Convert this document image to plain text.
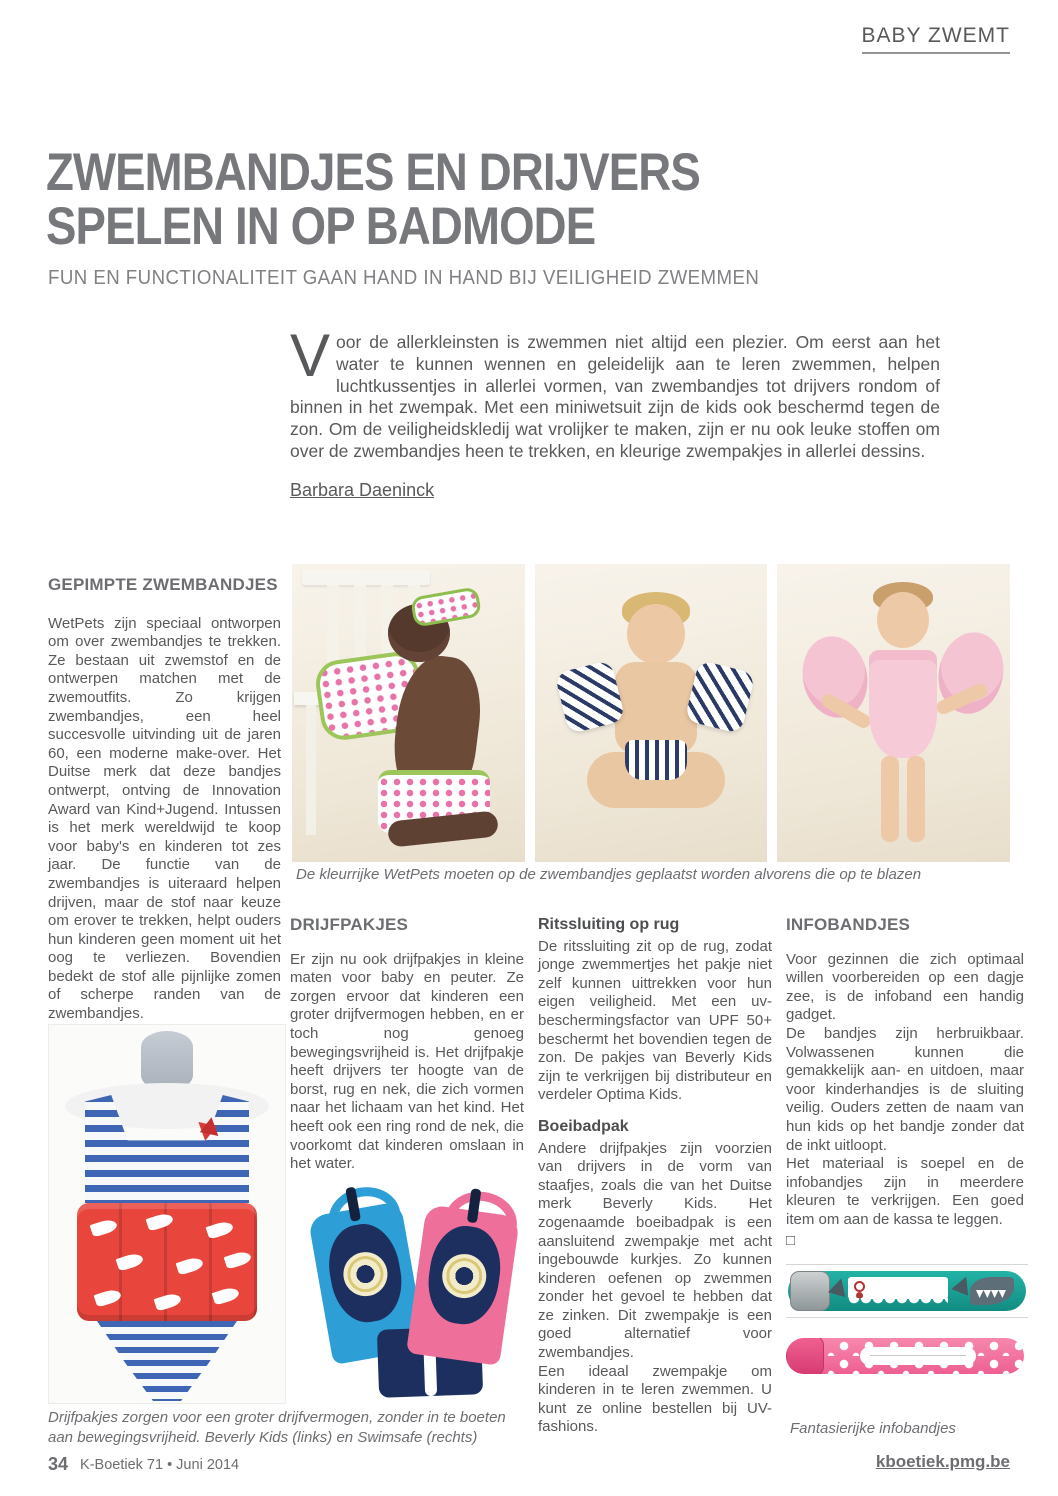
BABY ZWEMT
ZWEMBANDJES EN DRIJVERS
SPELEN IN OP BADMODE
FUN EN FUNCTIONALITEIT GAAN HAND IN HAND BIJ VEILIGHEID ZWEMMEN
Voor de allerkleinsten is zwemmen niet altijd een plezier. Om eerst aan het water te kunnen wennen en geleidelijk aan te leren zwemmen, helpen luchtkussentjes in allerlei vormen, van zwembandjes tot drijvers rondom of binnen in het zwempak. Met een miniwetsuit zijn de kids ook beschermd tegen de zon. Om de veiligheidskledij wat vrolijker te maken, zijn er nu ook leuke stoffen om over de zwembandjes heen te trekken, en kleurige zwempakjes in allerlei dessins.
Barbara Daeninck
GEPIMPTE ZWEMBANDJES

WetPets zijn speciaal ontworpen om over zwembandjes te trekken. Ze bestaan uit zwemstof en de ontwerpen matchen met de zwemoutfits. Zo krijgen zwembandjes, een heel succesvolle uitvinding uit de jaren 60, een moderne make-over. Het Duitse merk dat deze bandjes ontwerpt, ontving de Innovation Award van Kind+Jugend. Intussen is het merk wereldwijd te koop voor baby's en kinderen tot zes jaar. De functie van de zwembandjes is uiteraard helpen drijven, maar de stof naar keuze om erover te trekken, helpt ouders hun kinderen geen moment uit het oog te verliezen. Bovendien bedekt de stof alle pijnlijke zomen of scherpe randen van de zwembandjes.

De kleurrijke WetPets moeten op de zwembandjes geplaatst worden alvorens die op te blazen
DRIJFPAKJES

Er zijn nu ook drijfpakjes in kleine maten voor baby en peuter. Ze zorgen ervoor dat kinderen een groter drijfvermogen hebben, en er toch nog genoeg bewegingsvrijheid is. Het drijfpakje heeft drijvers ter hoogte van de borst, rug en nek, die zich vormen naar het lichaam van het kind. Het heeft ook een ring rond de nek, die voorkomt dat kinderen omslaan in het water.

Ritssluiting op rug

De ritssluiting zit op de rug, zodat jonge zwemmertjes het pakje niet zelf kunnen uittrekken voor hun eigen veiligheid. Met een uv-beschermingsfactor van UPF 50+ beschermt het bovendien tegen de zon. De pakjes van Beverly Kids zijn te verkrijgen bij distributeur en verdeler Optima Kids.

Boeibadpak

Andere drijfpakjes zijn voorzien van drijvers in de vorm van staafjes, zoals die van het Duitse merk Beverly Kids. Het zogenaamde boeibadpak is een aansluitend zwempakje met acht ingebouwde kurkjes. Zo kunnen kinderen oefenen op zwemmen zonder het gevoel te hebben dat ze zinken. Dit zwempakje is een goed alternatief voor zwembandjes.

Een ideaal zwempakje om kinderen in te leren zwemmen. U kunt ze online bestellen bij UV-fashions.

INFOBANDJES

Voor gezinnen die zich optimaal willen voorbereiden op een dagje zee, is de infoband een handig gadget.

De bandjes zijn herbruikbaar. Volwassenen kunnen die gemakkelijk aan- en uitdoen, maar voor kinderhandjes is de sluiting veilig. Ouders zetten de naam van hun kids op het bandje zonder dat de inkt uitloopt.

Het materiaal is soepel en de infobandjes zijn in meerdere kleuren te verkrijgen. Een goed item om aan de kassa te leggen.

□
Drijfpakjes zorgen voor een groter drijfvermogen, zonder in te boeten aan bewegingsvrijheid. Beverly Kids (links) en Swimsafe (rechts)
Fantasierijke infobandjes
34 K-Boetiek 71 • Juni 2014	kboetiek.pmg.be
